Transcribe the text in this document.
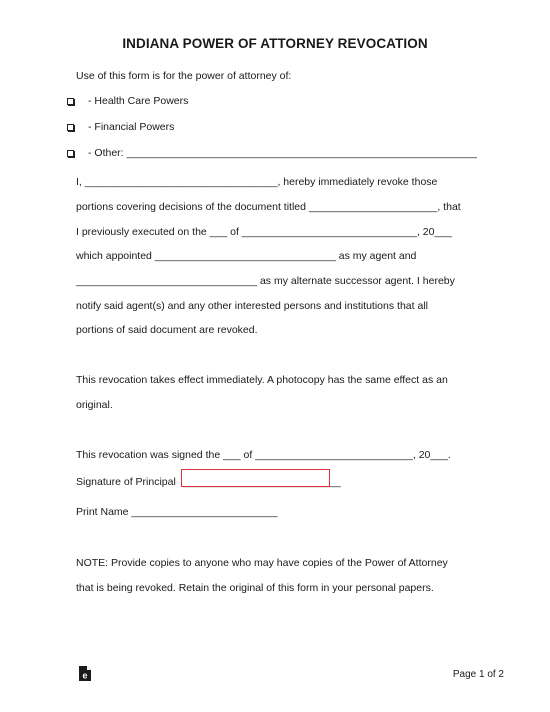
INDIANA POWER OF ATTORNEY REVOCATION
Use of this form is for the power of attorney of:
- Health Care Powers
- Financial Powers
- Other: ____________________________________________________________
I, _________________________________, hereby immediately revoke those
portions covering decisions of the document titled ______________________, that
I previously executed on the ___ of ______________________________, 20___
which appointed _______________________________ as my agent and
_______________________________ as my alternate successor agent. I hereby
notify said agent(s) and any other interested persons and institutions that all
portions of said document are revoked.
This revocation takes effect immediately. A photocopy has the same effect as an
original.
This revocation was signed the ___ of ___________________________, 20___.
Signature of Principal ___________________________
Print Name _________________________
NOTE: Provide copies to anyone who may have copies of the Power of Attorney
that is being revoked. Retain the original of this form in your personal papers.
e	Page 1 of 2
